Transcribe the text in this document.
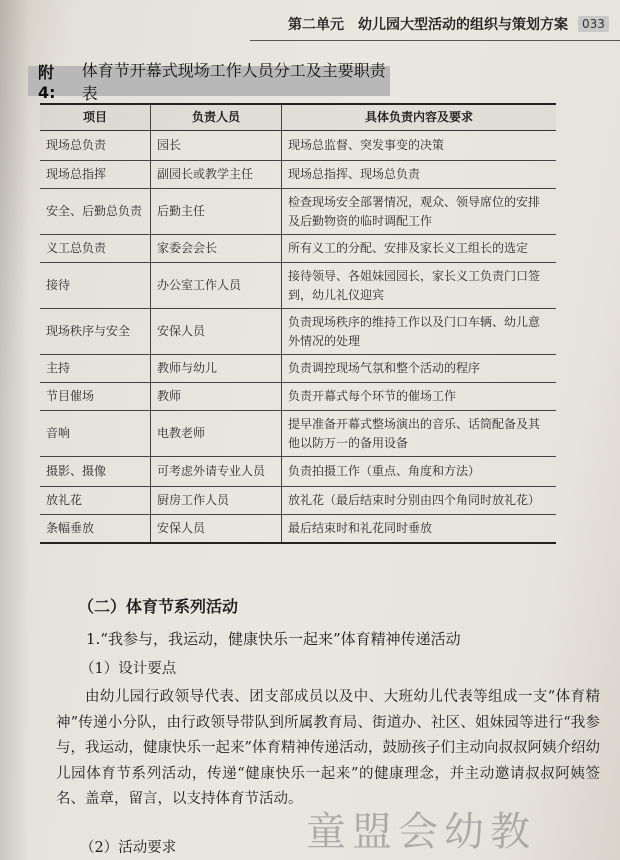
第二单元 幼儿园大型活动的组织与策划方案	033
附 4:
体育节开幕式现场工作人员分工及主要职责表
项目	负责人员	具体负责内容及要求
现场总负责	园长	现场总监督、突发事变的决策
现场总指挥	副园长或教学主任	现场总指挥、现场总负责
安全、后勤总负责	后勤主任	检查现场安全部署情况，观众、领导席位的安排及后勤物资的临时调配工作
义工总负责	家委会会长	所有义工的分配、安排及家长义工组长的选定
接待	办公室工作人员	接待领导、各姐妹园园长，家长义工负责门口签到，幼儿礼仪迎宾
现场秩序与安全	安保人员	负责现场秩序的维持工作以及门口车辆、幼儿意外情况的处理
主持	教师与幼儿	负责调控现场气氛和整个活动的程序
节目催场	教师	负责开幕式每个环节的催场工作
音响	电教老师	提早准备开幕式整场演出的音乐、话筒配备及其他以防万一的备用设备
摄影、摄像	可考虑外请专业人员	负责拍摄工作（重点、角度和方法）
放礼花	厨房工作人员	放礼花（最后结束时分别由四个角同时放礼花）
条幅垂放	安保人员	最后结束时和礼花同时垂放
（二）体育节系列活动
1.“我参与，我运动，健康快乐一起来”体育精神传递活动
（1）设计要点
由幼儿园行政领导代表、团支部成员以及中、大班幼儿代表等组成一支“体育精神”传递小分队，由行政领导带队到所属教育局、街道办、社区、姐妹园等进行“我参与，我运动，健康快乐一起来”体育精神传递活动，鼓励孩子们主动向叔叔阿姨介绍幼儿园体育节系列活动，传递“健康快乐一起来”的健康理念，并主动邀请叔叔阿姨签名、盖章，留言，以支持体育节活动。
（2）活动要求	童盟会幼教
